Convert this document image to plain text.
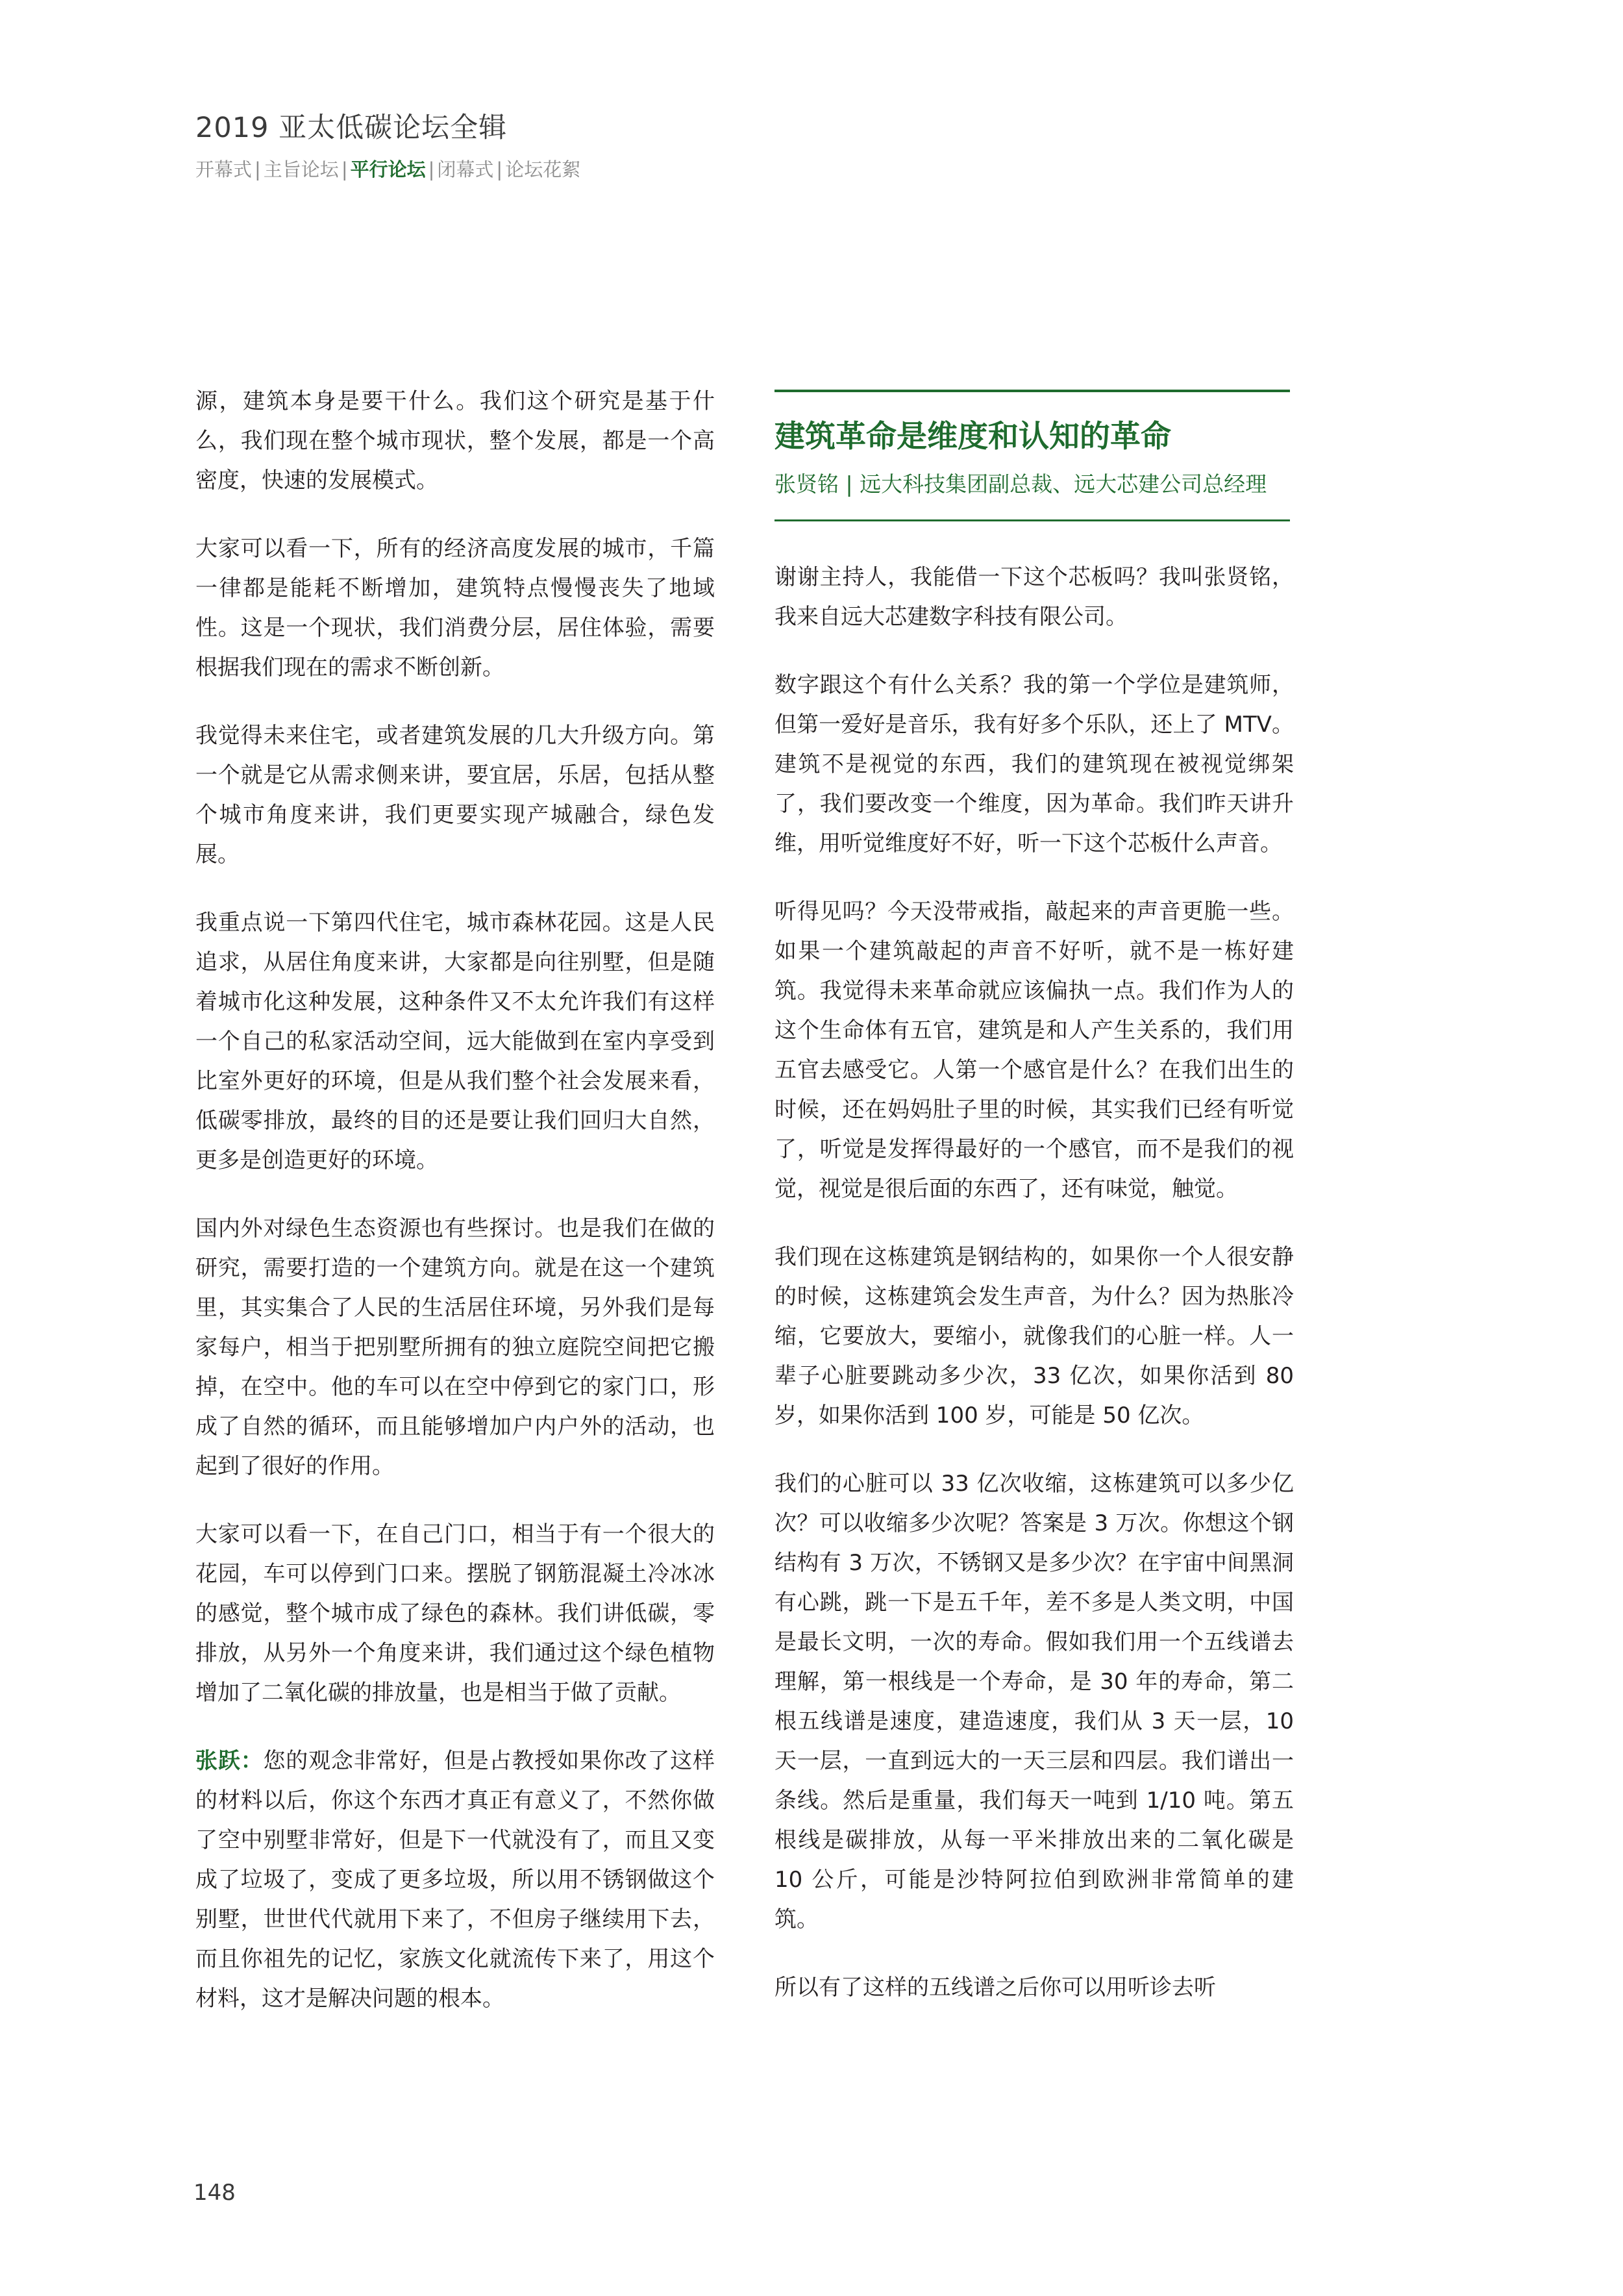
2019 亚太低碳论坛全辑
开幕式 | 主旨论坛 | 平行论坛 | 闭幕式 | 论坛花絮

源，建筑本身是要干什么。我们这个研究是基于什么，我们现在整个城市现状，整个发展，都是一个高密度，快速的发展模式。

大家可以看一下，所有的经济高度发展的城市，千篇一律都是能耗不断增加，建筑特点慢慢丧失了地域性。这是一个现状，我们消费分层，居住体验，需要根据我们现在的需求不断创新。

我觉得未来住宅，或者建筑发展的几大升级方向。第一个就是它从需求侧来讲，要宜居，乐居，包括从整个城市角度来讲，我们更要实现产城融合，绿色发展。

我重点说一下第四代住宅，城市森林花园。这是人民追求，从居住角度来讲，大家都是向往别墅，但是随着城市化这种发展，这种条件又不太允许我们有这样一个自己的私家活动空间，远大能做到在室内享受到比室外更好的环境，但是从我们整个社会发展来看，低碳零排放，最终的目的还是要让我们回归大自然，更多是创造更好的环境。

国内外对绿色生态资源也有些探讨。也是我们在做的研究，需要打造的一个建筑方向。就是在这一个建筑里，其实集合了人民的生活居住环境，另外我们是每家每户，相当于把别墅所拥有的独立庭院空间把它搬掉，在空中。他的车可以在空中停到它的家门口，形成了自然的循环，而且能够增加户内户外的活动，也起到了很好的作用。

大家可以看一下，在自己门口，相当于有一个很大的花园，车可以停到门口来。摆脱了钢筋混凝土冷冰冰的感觉，整个城市成了绿色的森林。我们讲低碳，零排放，从另外一个角度来讲，我们通过这个绿色植物增加了二氧化碳的排放量，也是相当于做了贡献。

张跃：您的观念非常好，但是占教授如果你改了这样的材料以后，你这个东西才真正有意义了，不然你做了空中别墅非常好，但是下一代就没有了，而且又变成了垃圾了，变成了更多垃圾，所以用不锈钢做这个别墅，世世代代就用下来了，不但房子继续用下去，而且你祖先的记忆，家族文化就流传下来了，用这个材料，这才是解决问题的根本。

建筑革命是维度和认知的革命
张贤铭 | 远大科技集团副总裁、远大芯建公司总经理

谢谢主持人，我能借一下这个芯板吗？我叫张贤铭，我来自远大芯建数字科技有限公司。

数字跟这个有什么关系？我的第一个学位是建筑师，但第一爱好是音乐，我有好多个乐队，还上了 MTV。建筑不是视觉的东西，我们的建筑现在被视觉绑架了，我们要改变一个维度，因为革命。我们昨天讲升维，用听觉维度好不好，听一下这个芯板什么声音。

听得见吗？今天没带戒指，敲起来的声音更脆一些。如果一个建筑敲起的声音不好听，就不是一栋好建筑。我觉得未来革命就应该偏执一点。我们作为人的这个生命体有五官，建筑是和人产生关系的，我们用五官去感受它。人第一个感官是什么？在我们出生的时候，还在妈妈肚子里的时候，其实我们已经有听觉了，听觉是发挥得最好的一个感官，而不是我们的视觉，视觉是很后面的东西了，还有味觉，触觉。

我们现在这栋建筑是钢结构的，如果你一个人很安静的时候，这栋建筑会发生声音，为什么？因为热胀冷缩，它要放大，要缩小，就像我们的心脏一样。人一辈子心脏要跳动多少次，33 亿次，如果你活到 80 岁，如果你活到 100 岁，可能是 50 亿次。

我们的心脏可以 33 亿次收缩，这栋建筑可以多少亿次？可以收缩多少次呢？答案是 3 万次。你想这个钢结构有 3 万次，不锈钢又是多少次？在宇宙中间黑洞有心跳，跳一下是五千年，差不多是人类文明，中国是最长文明，一次的寿命。假如我们用一个五线谱去理解，第一根线是一个寿命，是 30 年的寿命，第二根五线谱是速度，建造速度，我们从 3 天一层，10 天一层，一直到远大的一天三层和四层。我们谱出一条线。然后是重量，我们每天一吨到 1/10 吨。第五根线是碳排放，从每一平米排放出来的二氧化碳是 10 公斤，可能是沙特阿拉伯到欧洲非常简单的建筑。

所以有了这样的五线谱之后你可以用听诊去听

148
